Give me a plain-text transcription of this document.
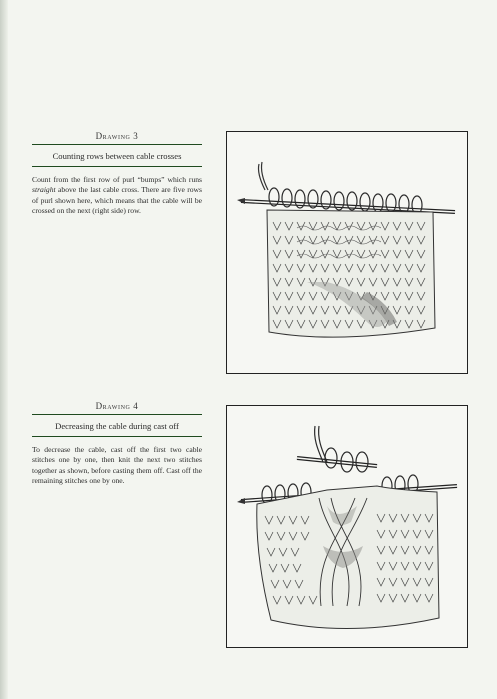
Drawing 3
Counting rows between cable crosses
Count from the first row of purl “bumps” which runs straight above the last cable cross. There are five rows of purl shown here, which means that the cable will be crossed on the next (right side) row.
Drawing 4
Decreasing the cable during cast off
To decrease the cable, cast off the first two cable stitches one by one, then knit the next two stitches together as shown, before casting them off. Cast off the remaining stitches one by one.
